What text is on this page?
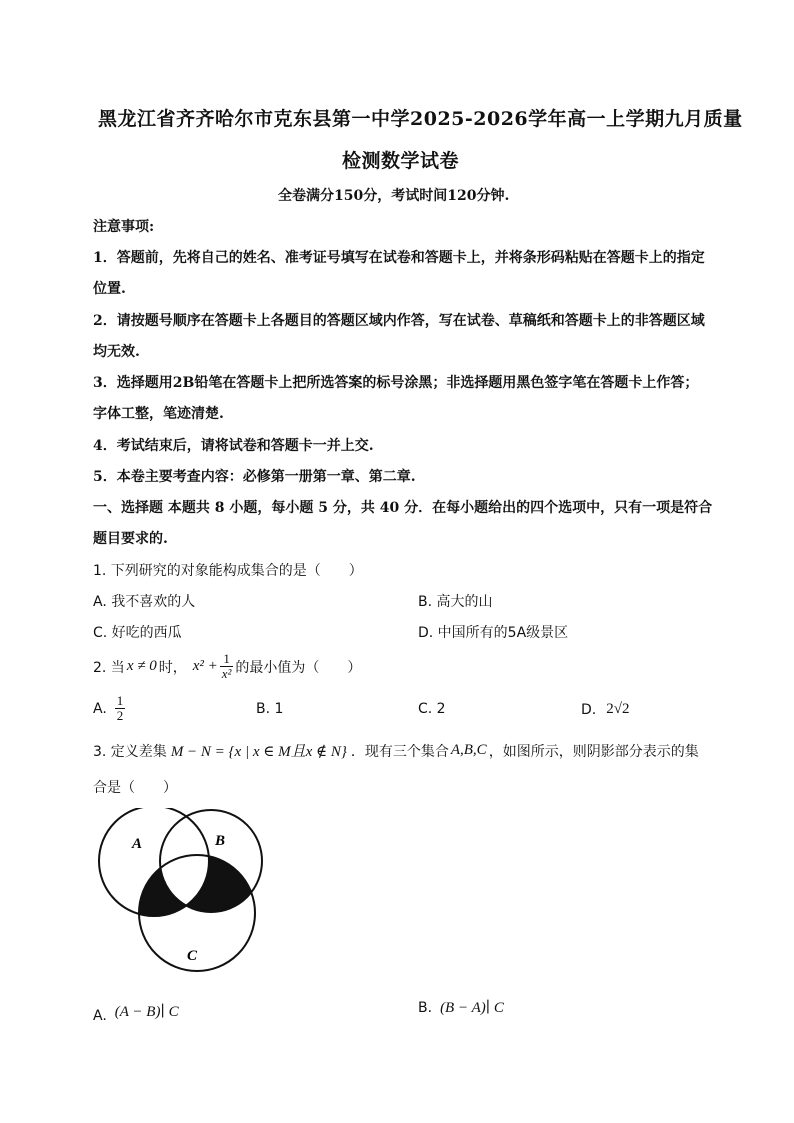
黑龙江省齐齐哈尔市克东县第一中学2025-2026学年高一上学期九月质量
检测数学试卷
全卷满分150分，考试时间120分钟.
注意事项:
1．答题前，先将自己的姓名、准考证号填写在试卷和答题卡上，并将条形码粘贴在答题卡上的指定
位置.
2．请按题号顺序在答题卡上各题目的答题区域内作答，写在试卷、草稿纸和答题卡上的非答题区域
均无效.
3．选择题用2B铅笔在答题卡上把所选答案的标号涂黑；非选择题用黑色签字笔在答题卡上作答；
字体工整，笔迹清楚.
4．考试结束后，请将试卷和答题卡一并上交.
5．本卷主要考查内容：必修第一册第一章、第二章.
一、选择题 本题共 8 小题，每小题 5 分，共 40 分．在每小题给出的四个选项中，只有一项是符合
题目要求的.
1. 下列研究的对象能构成集合的是（　　）
A. 我不喜欢的人	B. 高大的山
C. 好吃的西瓜	D. 中国所有的5A级景区
2. 当 x ≠ 0 时， $x^2 + \frac{1}{\text{x²}}$ 的最小值为（　　）
A. $\frac{1}{2}$	B. 1	C. 2	D. 2√2
3. 定义差集 M − N = {x | x ∈ M且x ∉ N} ．现有三个集合 A,B,C ，如图所示，则阴影部分表示的集
合是（　　）
A	B
C
A. (A − B)∣ C	B. (B − A)∣ C
